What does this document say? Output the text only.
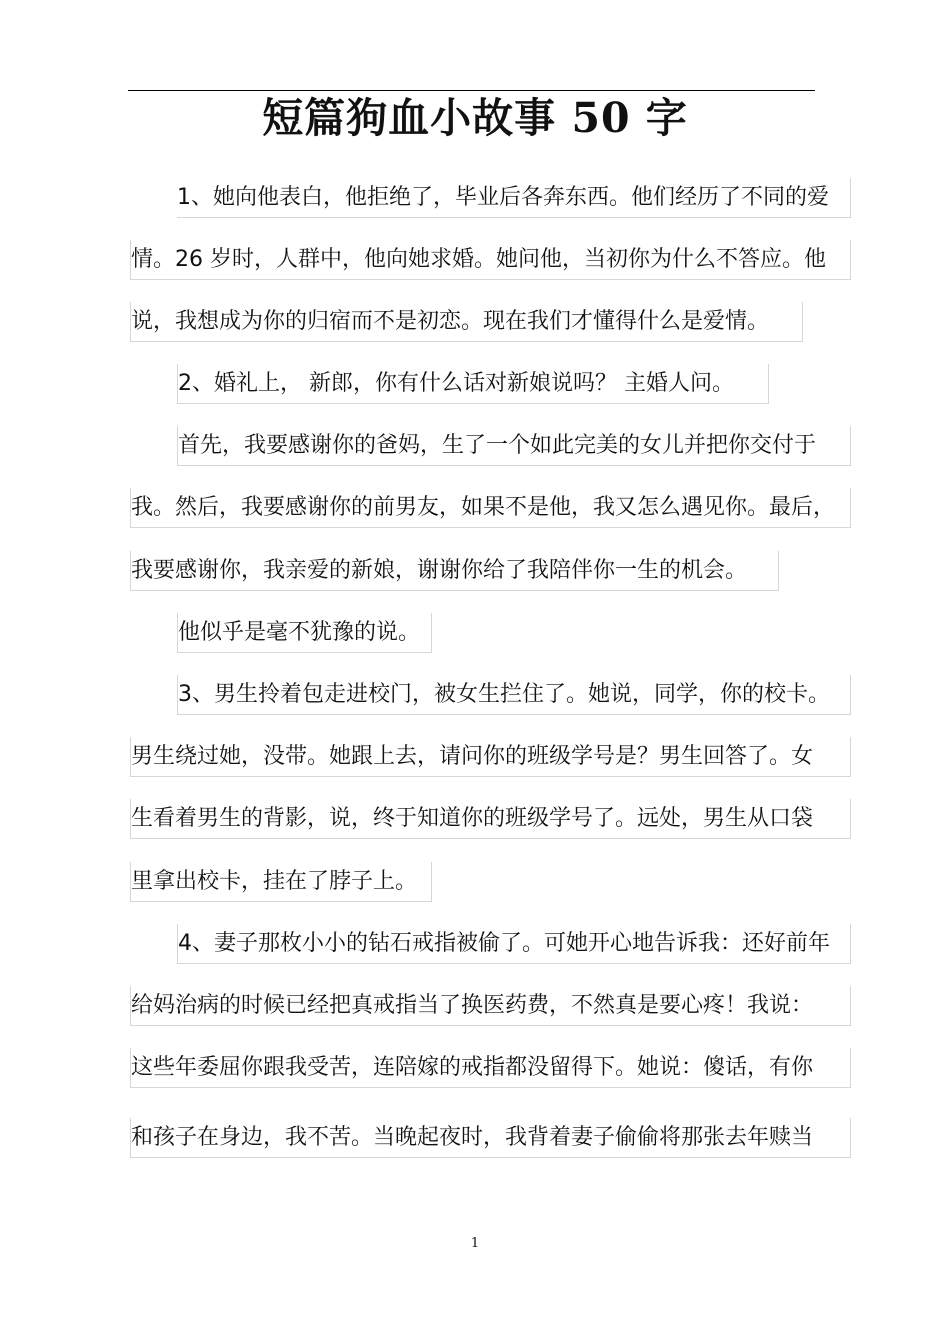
短篇狗血小故事 50 字
1、她向他表白，他拒绝了，毕业后各奔东西。他们经历了不同的爱
情。26 岁时，人群中，他向她求婚。她问他，当初你为什么不答应。他
说，我想成为你的归宿而不是初恋。现在我们才懂得什么是爱情。
2、婚礼上， 新郎，你有什么话对新娘说吗？ 主婚人问。
首先，我要感谢你的爸妈，生了一个如此完美的女儿并把你交付于
我。然后，我要感谢你的前男友，如果不是他，我又怎么遇见你。最后，
我要感谢你，我亲爱的新娘，谢谢你给了我陪伴你一生的机会。
他似乎是毫不犹豫的说。
3、男生拎着包走进校门，被女生拦住了。她说，同学，你的校卡。
男生绕过她，没带。她跟上去，请问你的班级学号是？男生回答了。女
生看着男生的背影，说，终于知道你的班级学号了。远处，男生从口袋
里拿出校卡，挂在了脖子上。
4、妻子那枚小小的钻石戒指被偷了。可她开心地告诉我：还好前年
给妈治病的时候已经把真戒指当了换医药费，不然真是要心疼！我说：
这些年委屈你跟我受苦，连陪嫁的戒指都没留得下。她说：傻话，有你
和孩子在身边，我不苦。当晚起夜时，我背着妻子偷偷将那张去年赎当
1
